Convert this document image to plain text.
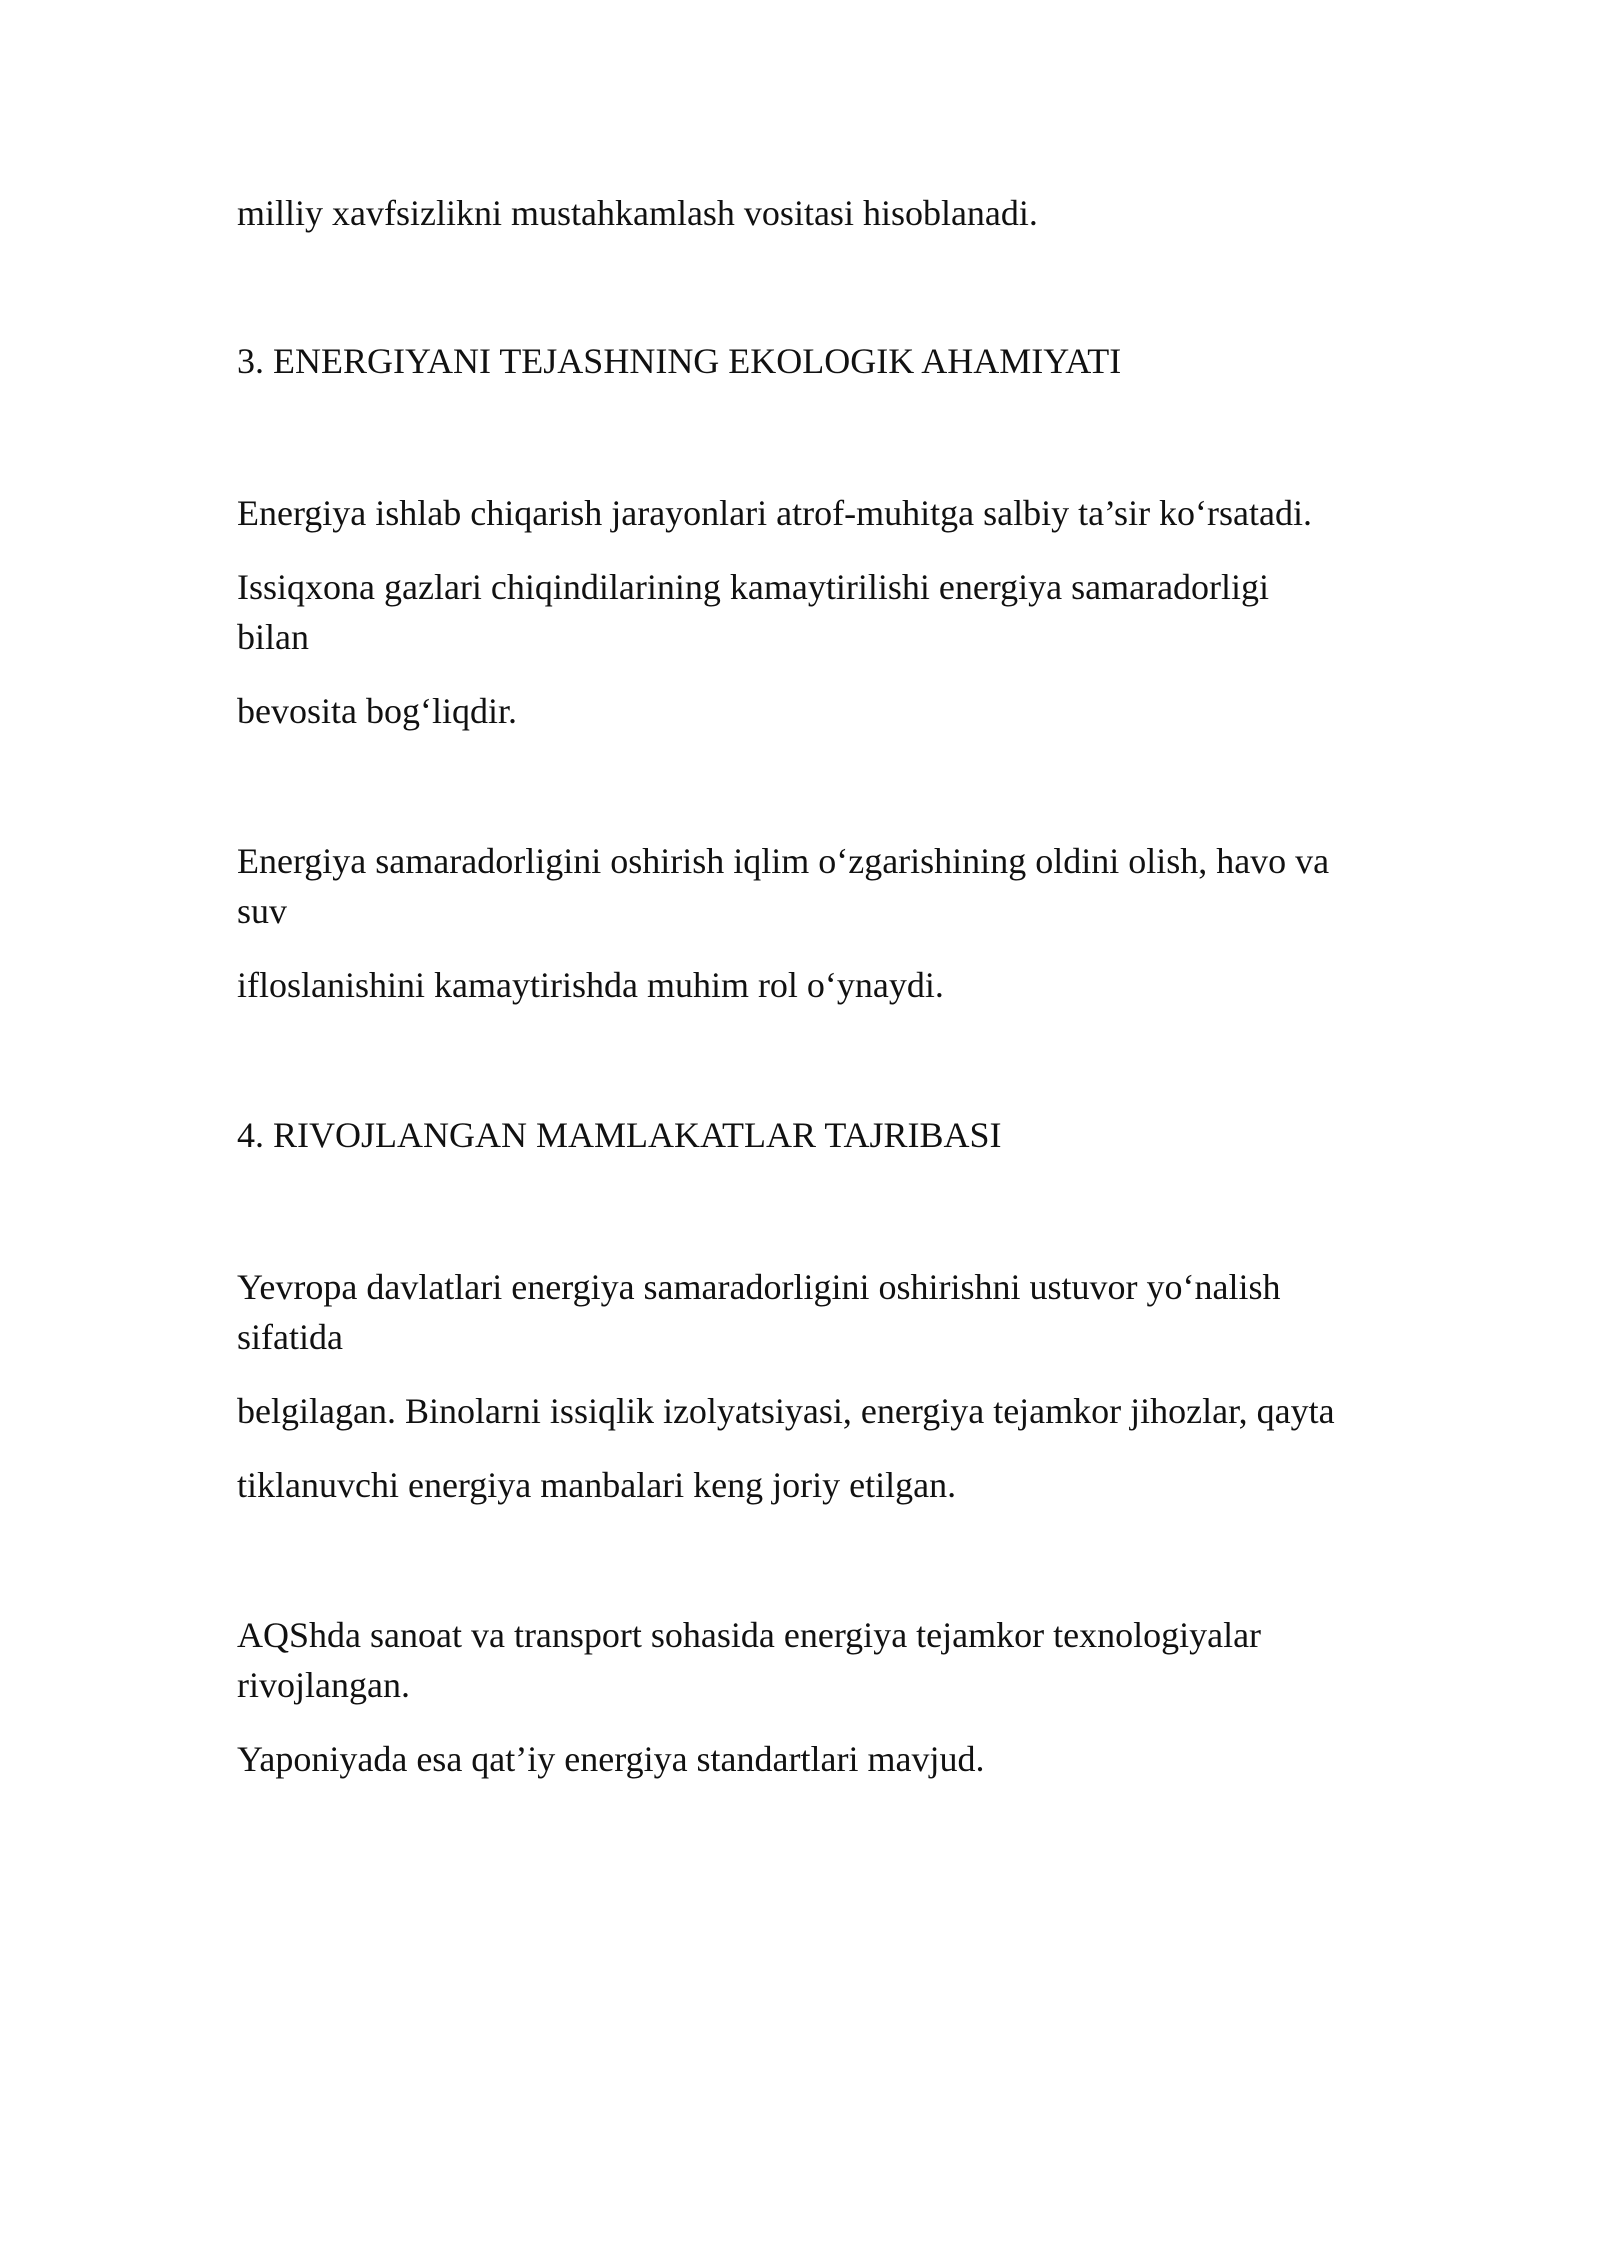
milliy xavfsizlikni mustahkamlash vositasi hisoblanadi.

3. ENERGIYANI TEJASHNING EKOLOGIK AHAMIYATI

Energiya ishlab chiqarish jarayonlari atrof-muhitga salbiy ta’sir ko‘rsatadi.

Issiqxona gazlari chiqindilarining kamaytirilishi energiya samaradorligi

bilan

bevosita bog‘liqdir.

Energiya samaradorligini oshirish iqlim o‘zgarishining oldini olish, havo va

suv

ifloslanishini kamaytirishda muhim rol o‘ynaydi.

4. RIVOJLANGAN MAMLAKATLAR TAJRIBASI

Yevropa davlatlari energiya samaradorligini oshirishni ustuvor yo‘nalish

sifatida

belgilagan. Binolarni issiqlik izolyatsiyasi, energiya tejamkor jihozlar, qayta

tiklanuvchi energiya manbalari keng joriy etilgan.

AQShda sanoat va transport sohasida energiya tejamkor texnologiyalar

rivojlangan.

Yaponiyada esa qat’iy energiya standartlari mavjud.
